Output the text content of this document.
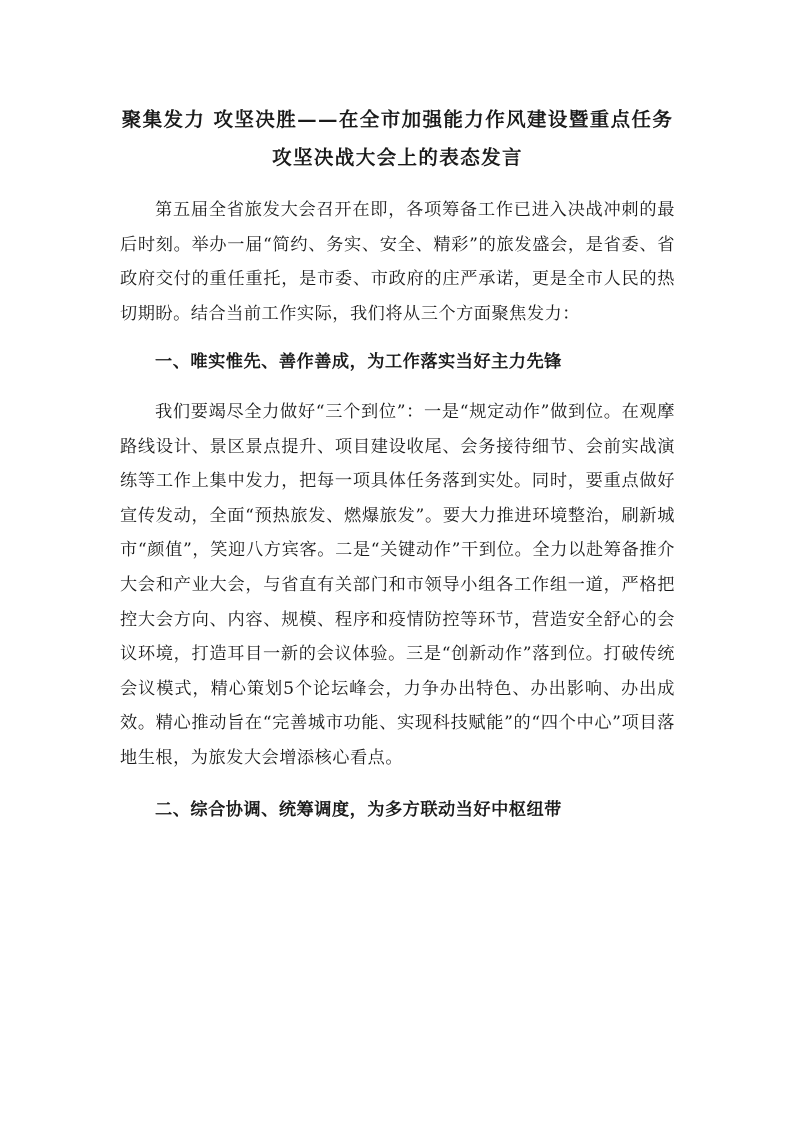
聚集发力 攻坚决胜——在全市加强能力作风建设暨重点任务攻坚决战大会上的表态发言

第五届全省旅发大会召开在即，各项筹备工作已进入决战冲刺的最后时刻。举办一届“简约、务实、安全、精彩”的旅发盛会，是省委、省政府交付的重任重托，是市委、市政府的庄严承诺，更是全市人民的热切期盼。结合当前工作实际，我们将从三个方面聚焦发力：

一、唯实惟先、善作善成，为工作落实当好主力先锋

我们要竭尽全力做好“三个到位”：一是“规定动作”做到位。在观摩路线设计、景区景点提升、项目建设收尾、会务接待细节、会前实战演练等工作上集中发力，把每一项具体任务落到实处。同时，要重点做好宣传发动，全面“预热旅发、燃爆旅发”。要大力推进环境整治，刷新城市“颜值”，笑迎八方宾客。二是“关键动作”干到位。全力以赴筹备推介大会和产业大会，与省直有关部门和市领导小组各工作组一道，严格把控大会方向、内容、规模、程序和疫情防控等环节，营造安全舒心的会议环境，打造耳目一新的会议体验。三是“创新动作”落到位。打破传统会议模式，精心策划5个论坛峰会，力争办出特色、办出影响、办出成效。精心推动旨在“完善城市功能、实现科技赋能”的“四个中心”项目落地生根，为旅发大会增添核心看点。

二、综合协调、统筹调度，为多方联动当好中枢纽带
